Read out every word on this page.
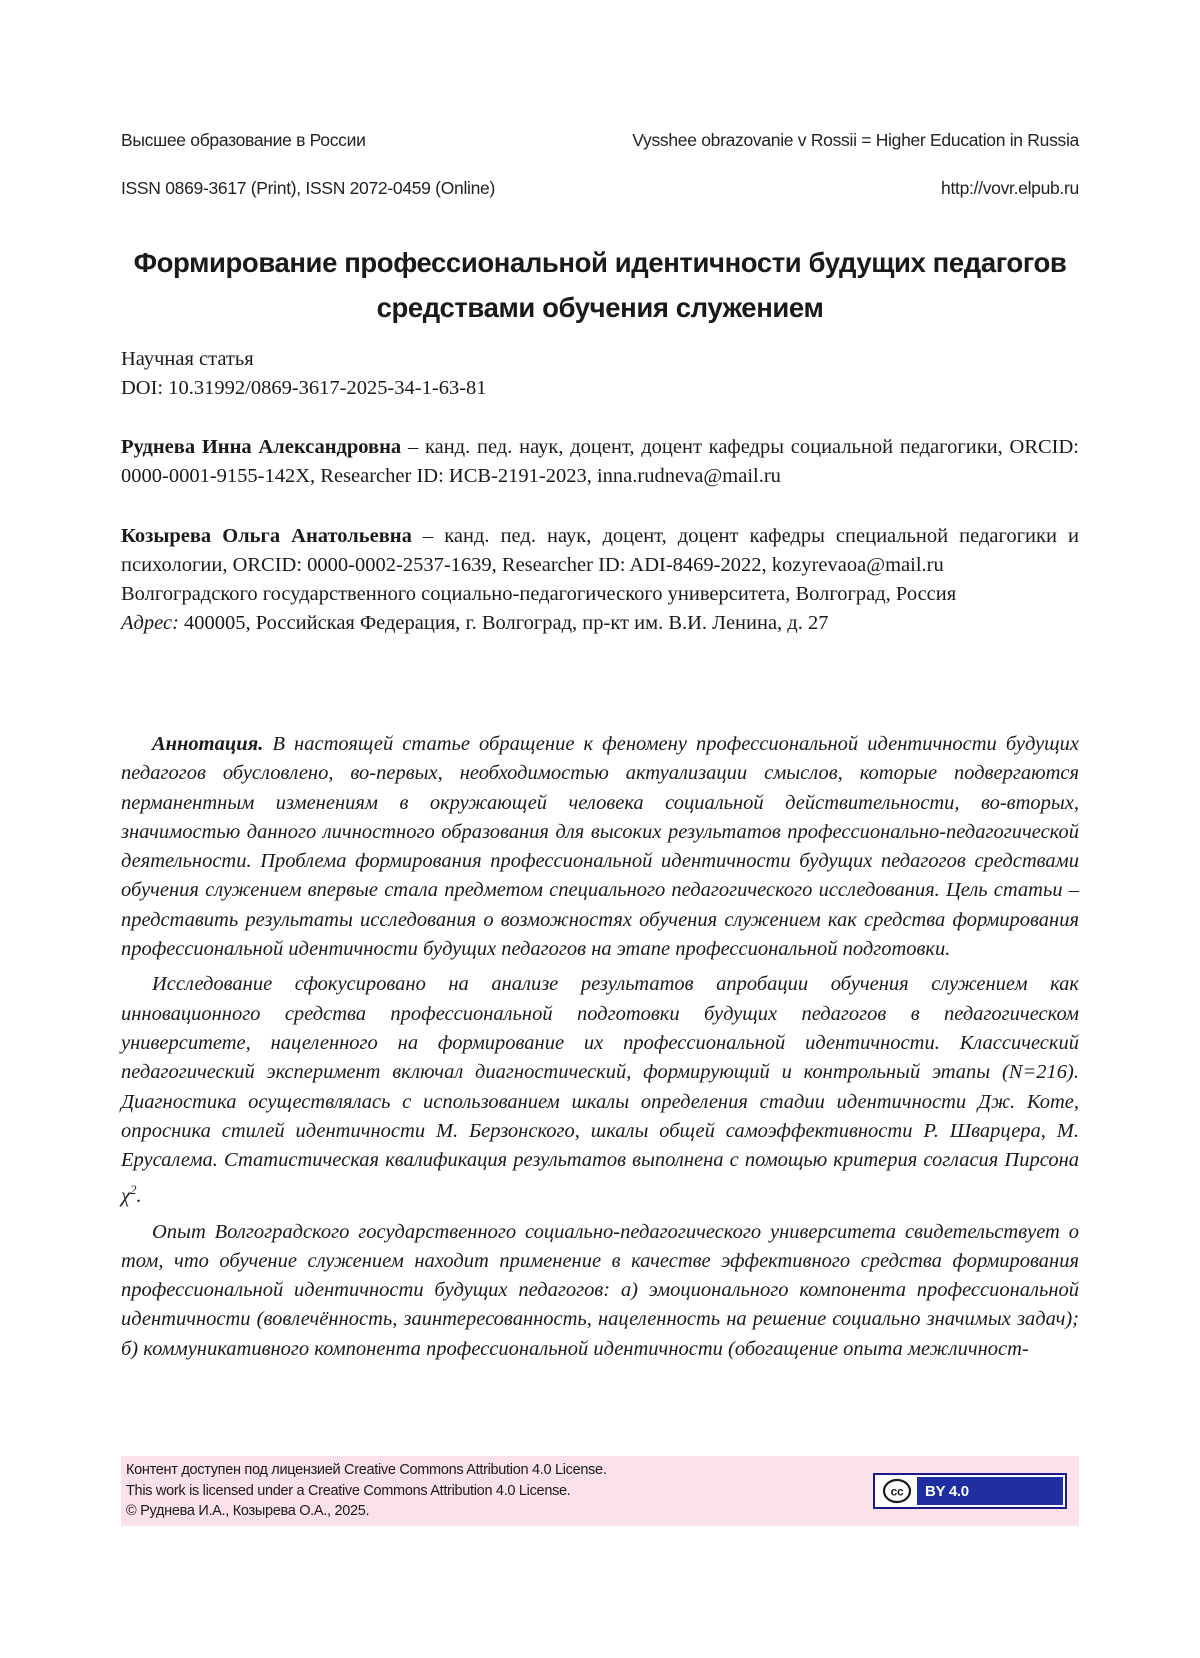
Высшее образование в России	Vysshee obrazovanie v Rossii = Higher Education in Russia
ISSN 0869-3617 (Print), ISSN 2072-0459 (Online)	http://vovr.elpub.ru
Формирование профессиональной идентичности будущих педагогов средствами обучения служением
Научная статья
DOI: 10.31992/0869-3617-2025-34-1-63-81

Руднева Инна Александровна – канд. пед. наук, доцент, доцент кафедры социальной педагогики, ORCID: 0000-0001-9155-142X, Researcher ID: ИСВ-2191-2023, inna.rudneva@mail.ru

Козырева Ольга Анатольевна – канд. пед. наук, доцент, доцент кафедры специальной педагогики и психологии, ORCID: 0000-0002-2537-1639, Researcher ID: ADI-8469-2022, kozyrevaoa@mail.ru

Волгоградского государственного социально-педагогического университета, Волгоград, Россия

Адрес: 400005, Российская Федерация, г. Волгоград, пр-кт им. В.И. Ленина, д. 27

Аннотация. В настоящей статье обращение к феномену профессиональной идентичности будущих педагогов обусловлено, во-первых, необходимостью актуализации смыслов, которые подвергаются перманентным изменениям в окружающей человека социальной действительности, во-вторых, значимостью данного личностного образования для высоких результатов профессионально-педагогической деятельности. Проблема формирования профессиональной идентичности будущих педагогов средствами обучения служением впервые стала предметом специального педагогического исследования. Цель статьи – представить результаты исследования о возможностях обучения служением как средства формирования профессиональной идентичности будущих педагогов на этапе профессиональной подготовки.

Исследование сфокусировано на анализе результатов апробации обучения служением как инновационного средства профессиональной подготовки будущих педагогов в педагогическом университете, нацеленного на формирование их профессиональной идентичности. Классический педагогический эксперимент включал диагностический, формирующий и контрольный этапы (N=216). Диагностика осуществлялась с использованием шкалы определения стадии идентичности Дж. Коте, опросника стилей идентичности М. Берзонского, шкалы общей самоэффективности Р. Шварцера, М. Ерусалема. Статистическая квалификация результатов выполнена с помощью критерия согласия Пирсона $\chi^2$.

Опыт Волгоградского государственного социально-педагогического университета свидетельствует о том, что обучение служением находит применение в качестве эффективного средства формирования профессиональной идентичности будущих педагогов: а) эмоционального компонента профессиональной идентичности (вовлечённость, заинтересованность, нацеленность на решение социально значимых задач); б) коммуникативного компонента профессиональной идентичности (обогащение опыта межличност-

Контент доступен под лицензией Creative Commons Attribution 4.0 License.
This work is licensed under a Creative Commons Attribution 4.0 License.
© Руднева И.А., Козырева О.А., 2025.
cc BY 4.0
